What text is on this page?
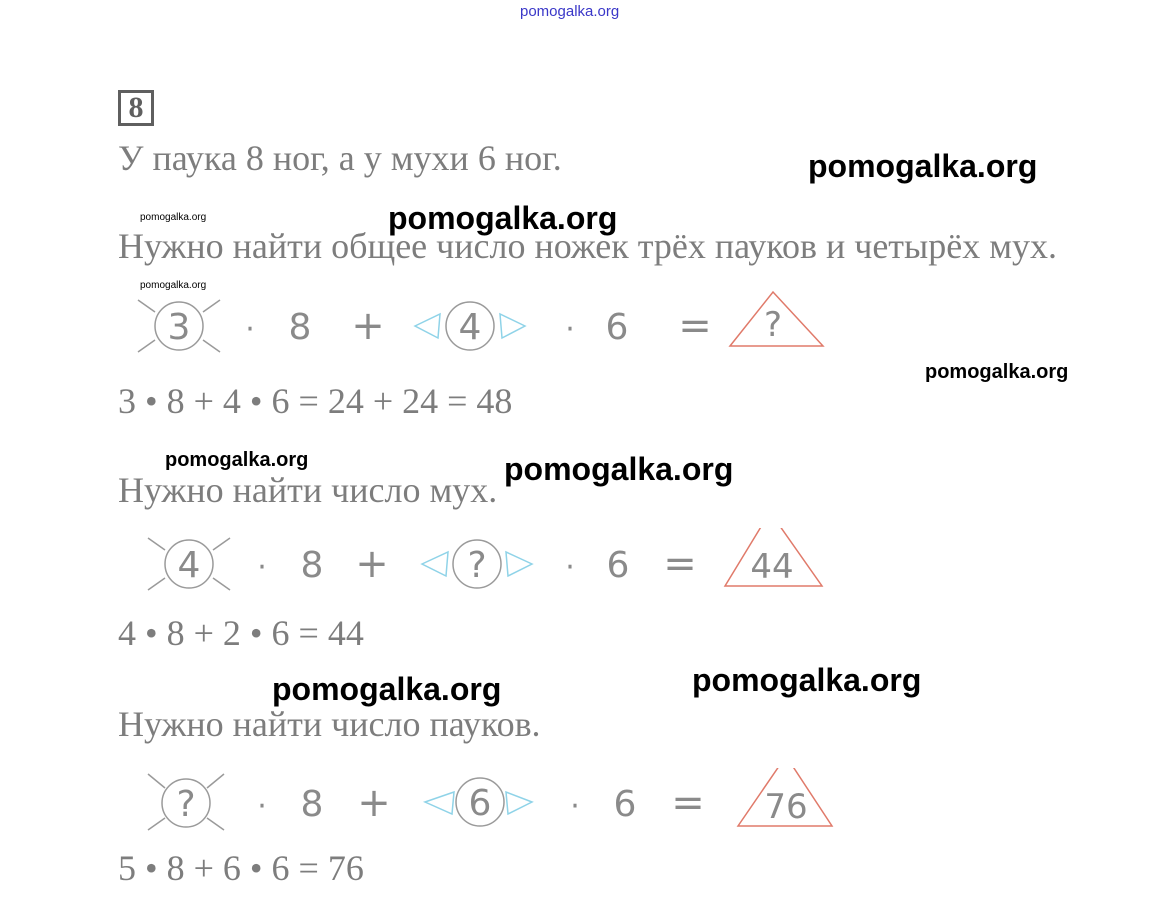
pomogalka.org
8
У паука 8 ног, а у мухи 6 ног.
Нужно найти общее число ножек трёх пауков и четырёх мух.
3 · 8 + 4	· 6 = ?
3 • 8 + 4 • 6 = 24 + 24 = 48
Нужно найти число мух.
4 · 8 + ?	· 6 = 44
4 • 8 + 2 • 6 = 44
Нужно найти число пауков.
? · 8 + 6	· 6 = 76
5 • 8 + 6 • 6 = 76
pomogalka.org
pomogalka.org
pomogalka.org
pomogalka.org
pomogalka.org
pomogalka.org	pomogalka.org
pomogalka.org	pomogalka.org
